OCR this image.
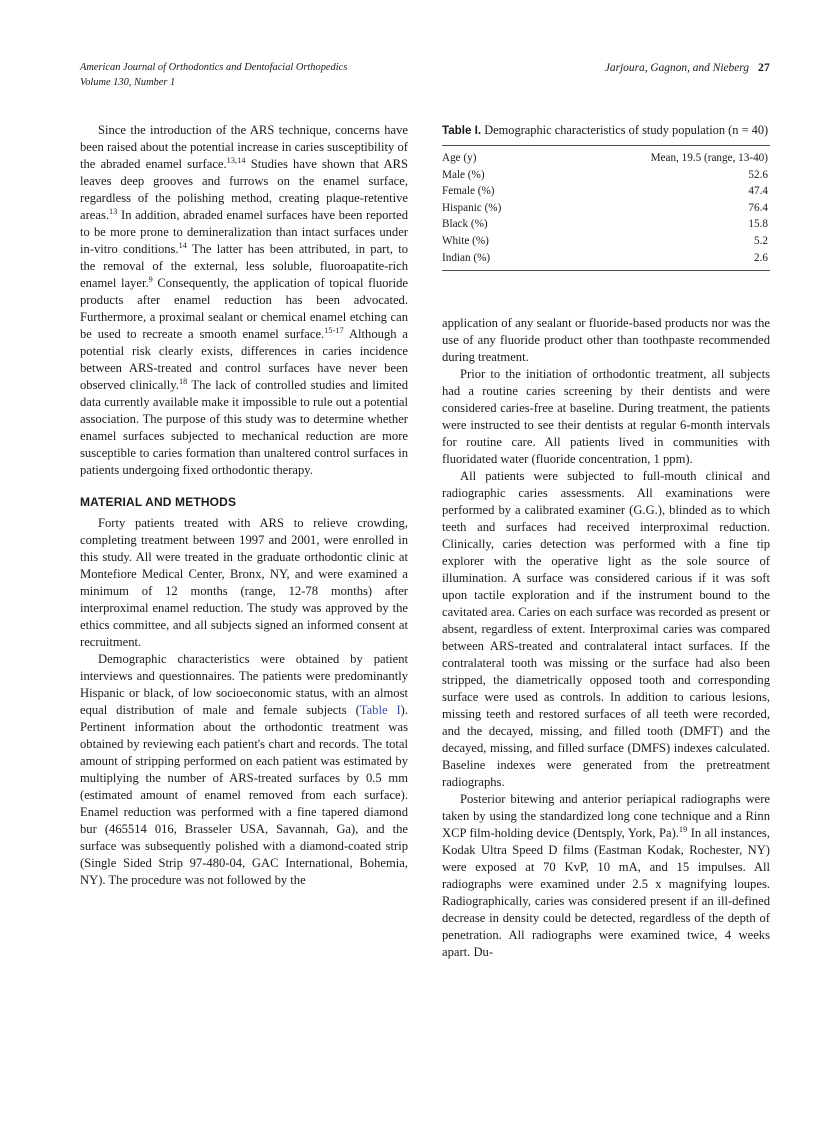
American Journal of Orthodontics and Dentofacial Orthopedics
Volume 130, Number 1
Jarjoura, Gagnon, and Nieberg 27

Since the introduction of the ARS technique, concerns have been raised about the potential increase in caries susceptibility of the abraded enamel surface.$^{13,14}$ Studies have shown that ARS leaves deep grooves and furrows on the enamel surface, regardless of the polishing method, creating plaque-retentive areas.$^{13}$ In addition, abraded enamel surfaces have been reported to be more prone to demineralization than intact surfaces under in-vitro conditions.$^{14}$ The latter has been attributed, in part, to the removal of the external, less soluble, fluoroapatite-rich enamel layer.$^9$ Consequently, the application of topical fluoride products after enamel reduction has been advocated. Furthermore, a proximal sealant or chemical enamel etching can be used to recreate a smooth enamel surface.$^{15-17}$ Although a potential risk clearly exists, differences in caries incidence between ARS-treated and control surfaces have never been observed clinically.$^{18}$ The lack of controlled studies and limited data currently available make it impossible to rule out a potential association. The purpose of this study was to determine whether enamel surfaces subjected to mechanical reduction are more susceptible to caries formation than unaltered control surfaces in patients undergoing fixed orthodontic therapy.

MATERIAL AND METHODS

Forty patients treated with ARS to relieve crowding, completing treatment between 1997 and 2001, were enrolled in this study. All were treated in the graduate orthodontic clinic at Montefiore Medical Center, Bronx, NY, and were examined a minimum of 12 months (range, 12-78 months) after interproximal enamel reduction. The study was approved by the ethics committee, and all subjects signed an informed consent at recruitment.

Demographic characteristics were obtained by patient interviews and questionnaires. The patients were predominantly Hispanic or black, of low socioeconomic status, with an almost equal distribution of male and female subjects (Table I). Pertinent information about the orthodontic treatment was obtained by reviewing each patient's chart and records. The total amount of stripping performed on each patient was estimated by multiplying the number of ARS-treated surfaces by 0.5 mm (estimated amount of enamel removed from each surface). Enamel reduction was performed with a fine tapered diamond bur (465514 016, Brasseler USA, Savannah, Ga), and the surface was subsequently polished with a diamond-coated strip (Single Sided Strip 97-480-04, GAC International, Bohemia, NY). The procedure was not followed by the

Table I. Demographic characteristics of study population (n = 40)
Age (y)	Mean, 19.5 (range, 13-40)
Male (%)	52.6
Female (%)	47.4
Hispanic (%)	76.4
Black (%)	15.8
White (%)	5.2
Indian (%)	2.6

application of any sealant or fluoride-based products nor was the use of any fluoride product other than toothpaste recommended during treatment.

Prior to the initiation of orthodontic treatment, all subjects had a routine caries screening by their dentists and were considered caries-free at baseline. During treatment, the patients were instructed to see their dentists at regular 6-month intervals for routine care. All patients lived in communities with fluoridated water (fluoride concentration, 1 ppm).

All patients were subjected to full-mouth clinical and radiographic caries assessments. All examinations were performed by a calibrated examiner (G.G.), blinded as to which teeth and surfaces had received interproximal reduction. Clinically, caries detection was performed with a fine tip explorer with the operative light as the sole source of illumination. A surface was considered carious if it was soft upon tactile exploration and if the instrument bound to the cavitated area. Caries on each surface was recorded as present or absent, regardless of extent. Interproximal caries was compared between ARS-treated and contralateral intact surfaces. If the contralateral tooth was missing or the surface had also been stripped, the diametrically opposed tooth and corresponding surface were used as controls. In addition to carious lesions, missing teeth and restored surfaces of all teeth were recorded, and the decayed, missing, and filled tooth (DMFT) and the decayed, missing, and filled surface (DMFS) indexes calculated. Baseline indexes were generated from the pretreatment radiographs.

Posterior bitewing and anterior periapical radiographs were taken by using the standardized long cone technique and a Rinn XCP film-holding device (Dentsply, York, Pa).$^{19}$ In all instances, Kodak Ultra Speed D films (Eastman Kodak, Rochester, NY) were exposed at 70 KvP, 10 mA, and 15 impulses. All radiographs were examined under 2.5 x magnifying loupes. Radiographically, caries was considered present if an ill-defined decrease in density could be detected, regardless of the depth of penetration. All radiographs were examined twice, 4 weeks apart. Du-
